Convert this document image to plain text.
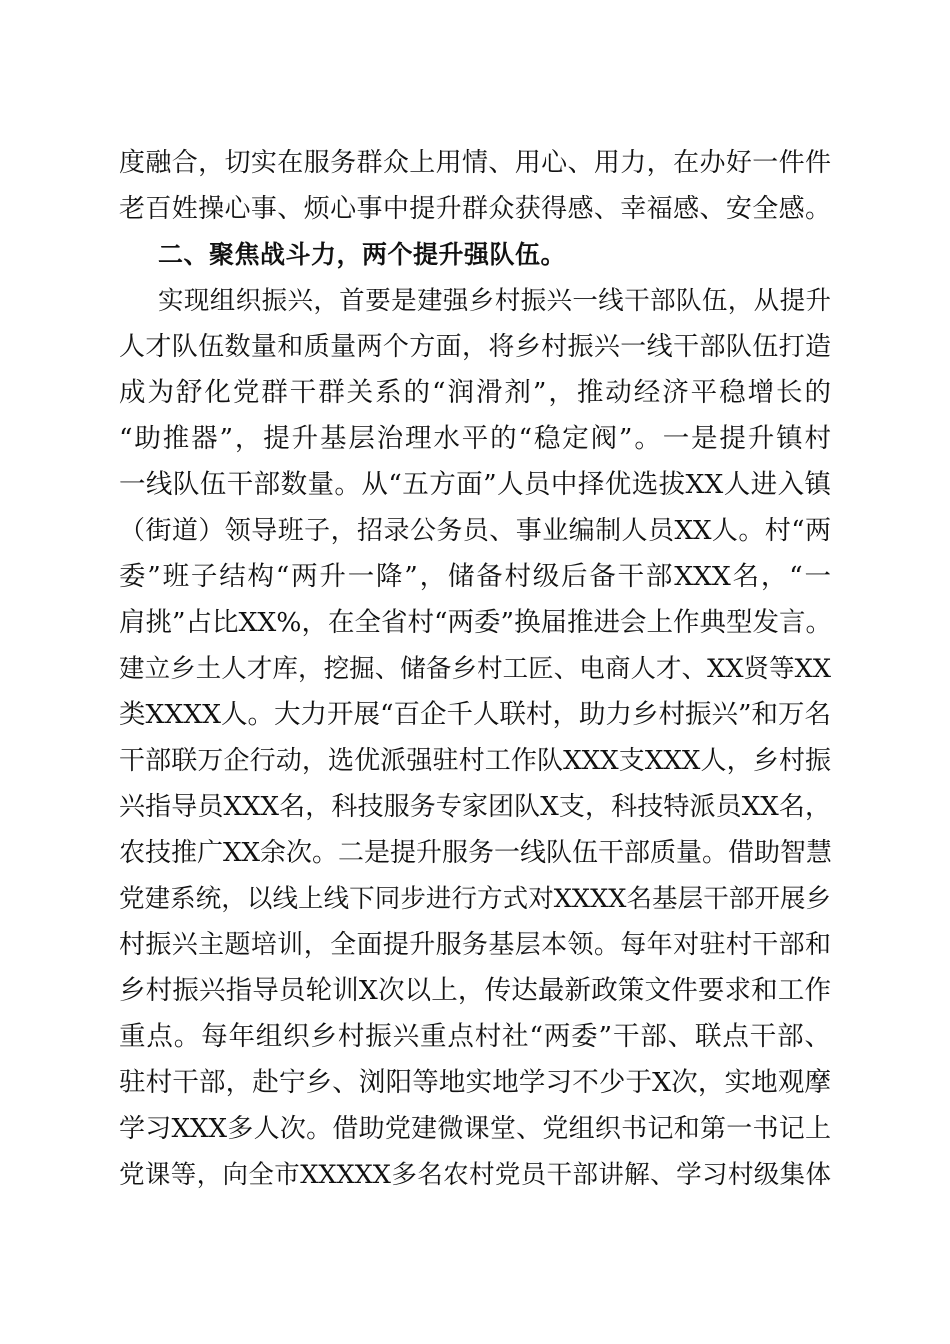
度融合，切实在服务群众上用情、用心、用力，在办好一件件
老百姓操心事、烦心事中提升群众获得感、幸福感、安全感。
二、聚焦战斗力，两个提升强队伍。
实现组织振兴，首要是建强乡村振兴一线干部队伍，从提升
人才队伍数量和质量两个方面，将乡村振兴一线干部队伍打造
成为舒化党群干群关系的“润滑剂”，推动经济平稳增长的
“助推器”，提升基层治理水平的“稳定阀”。一是提升镇村
一线队伍干部数量。从“五方面”人员中择优选拔XX人进入镇
（街道）领导班子，招录公务员、事业编制人员XX人。村“两
委”班子结构“两升一降”，储备村级后备干部XXX名，“一
肩挑”占比XX%，在全省村“两委”换届推进会上作典型发言。
建立乡土人才库，挖掘、储备乡村工匠、电商人才、XX贤等XX
类XXXX人。大力开展“百企千人联村，助力乡村振兴”和万名
干部联万企行动，选优派强驻村工作队XXX支XXX人，乡村振
兴指导员XXX名，科技服务专家团队X支，科技特派员XX名，
农技推广XX余次。二是提升服务一线队伍干部质量。借助智慧
党建系统，以线上线下同步进行方式对XXXX名基层干部开展乡
村振兴主题培训，全面提升服务基层本领。每年对驻村干部和
乡村振兴指导员轮训X次以上，传达最新政策文件要求和工作
重点。每年组织乡村振兴重点村社“两委”干部、联点干部、
驻村干部，赴宁乡、浏阳等地实地学习不少于X次，实地观摩
学习XXX多人次。借助党建微课堂、党组织书记和第一书记上
党课等，向全市XXXXX多名农村党员干部讲解、学习村级集体
